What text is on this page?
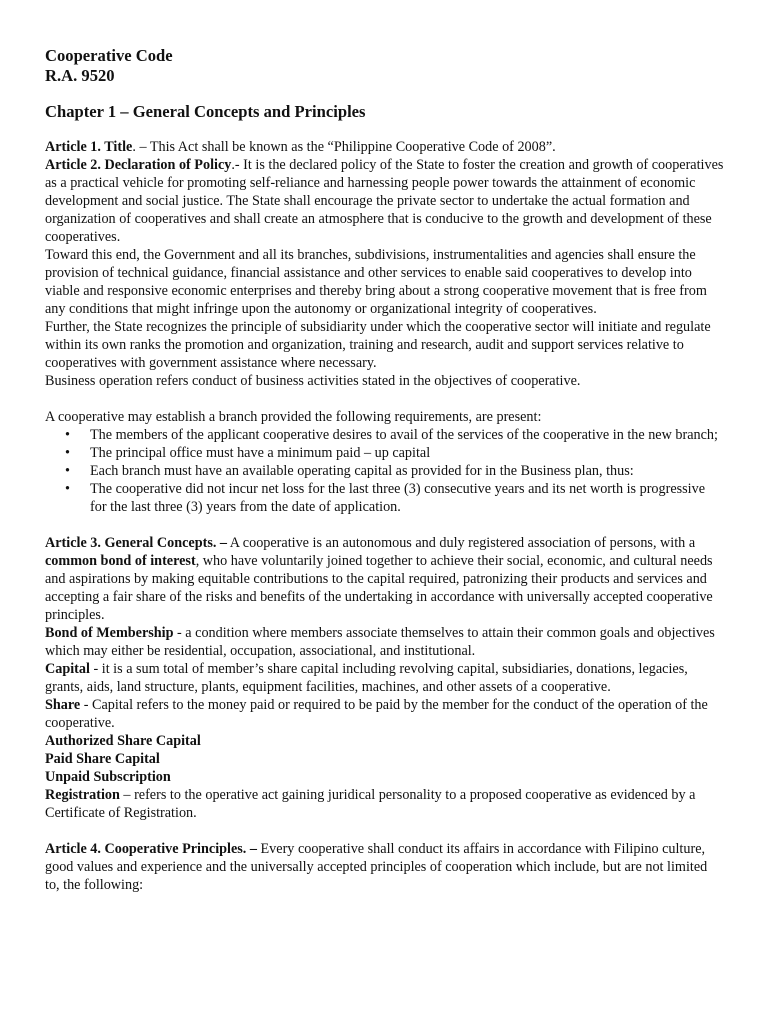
Cooperative Code
R.A. 9520
Chapter 1 – General Concepts and Principles

Article 1. Title. – This Act shall be known as the “Philippine Cooperative Code of 2008”.

Article 2. Declaration of Policy.- It is the declared policy of the State to foster the creation and growth of cooperatives as a practical vehicle for promoting self-reliance and harnessing people power towards the attainment of economic development and social justice. The State shall encourage the private sector to undertake the actual formation and organization of cooperatives and shall create an atmosphere that is conducive to the growth and development of these cooperatives.

Toward this end, the Government and all its branches, subdivisions, instrumentalities and agencies shall ensure the provision of technical guidance, financial assistance and other services to enable said cooperatives to develop into viable and responsive economic enterprises and thereby bring about a strong cooperative movement that is free from any conditions that might infringe upon the autonomy or organizational integrity of cooperatives.

Further, the State recognizes the principle of subsidiarity under which the cooperative sector will initiate and regulate within its own ranks the promotion and organization, training and research, audit and support services relative to cooperatives with government assistance where necessary.

Business operation refers conduct of business activities stated in the objectives of cooperative.

A cooperative may establish a branch provided the following requirements, are present:

• The members of the applicant cooperative desires to avail of the services of the cooperative in the new branch;
• The principal office must have a minimum paid – up capital
• Each branch must have an available operating capital as provided for in the Business plan, thus:
• The cooperative did not incur net loss for the last three (3) consecutive years and its net worth is progressive for the last three (3) years from the date of application.

Article 3. General Concepts. – A cooperative is an autonomous and duly registered association of persons, with a common bond of interest, who have voluntarily joined together to achieve their social, economic, and cultural needs and aspirations by making equitable contributions to the capital required, patronizing their products and services and accepting a fair share of the risks and benefits of the undertaking in accordance with universally accepted cooperative principles.

Bond of Membership - a condition where members associate themselves to attain their common goals and objectives which may either be residential, occupation, associational, and institutional.

Capital - it is a sum total of member’s share capital including revolving capital, subsidiaries, donations, legacies, grants, aids, land structure, plants, equipment facilities, machines, and other assets of a cooperative.

Share - Capital refers to the money paid or required to be paid by the member for the conduct of the operation of the cooperative.

Authorized Share Capital

Paid Share Capital

Unpaid Subscription

Registration – refers to the operative act gaining juridical personality to a proposed cooperative as evidenced by a Certificate of Registration.

Article 4. Cooperative Principles. – Every cooperative shall conduct its affairs in accordance with Filipino culture, good values and experience and the universally accepted principles of cooperation which include, but are not limited to, the following:
